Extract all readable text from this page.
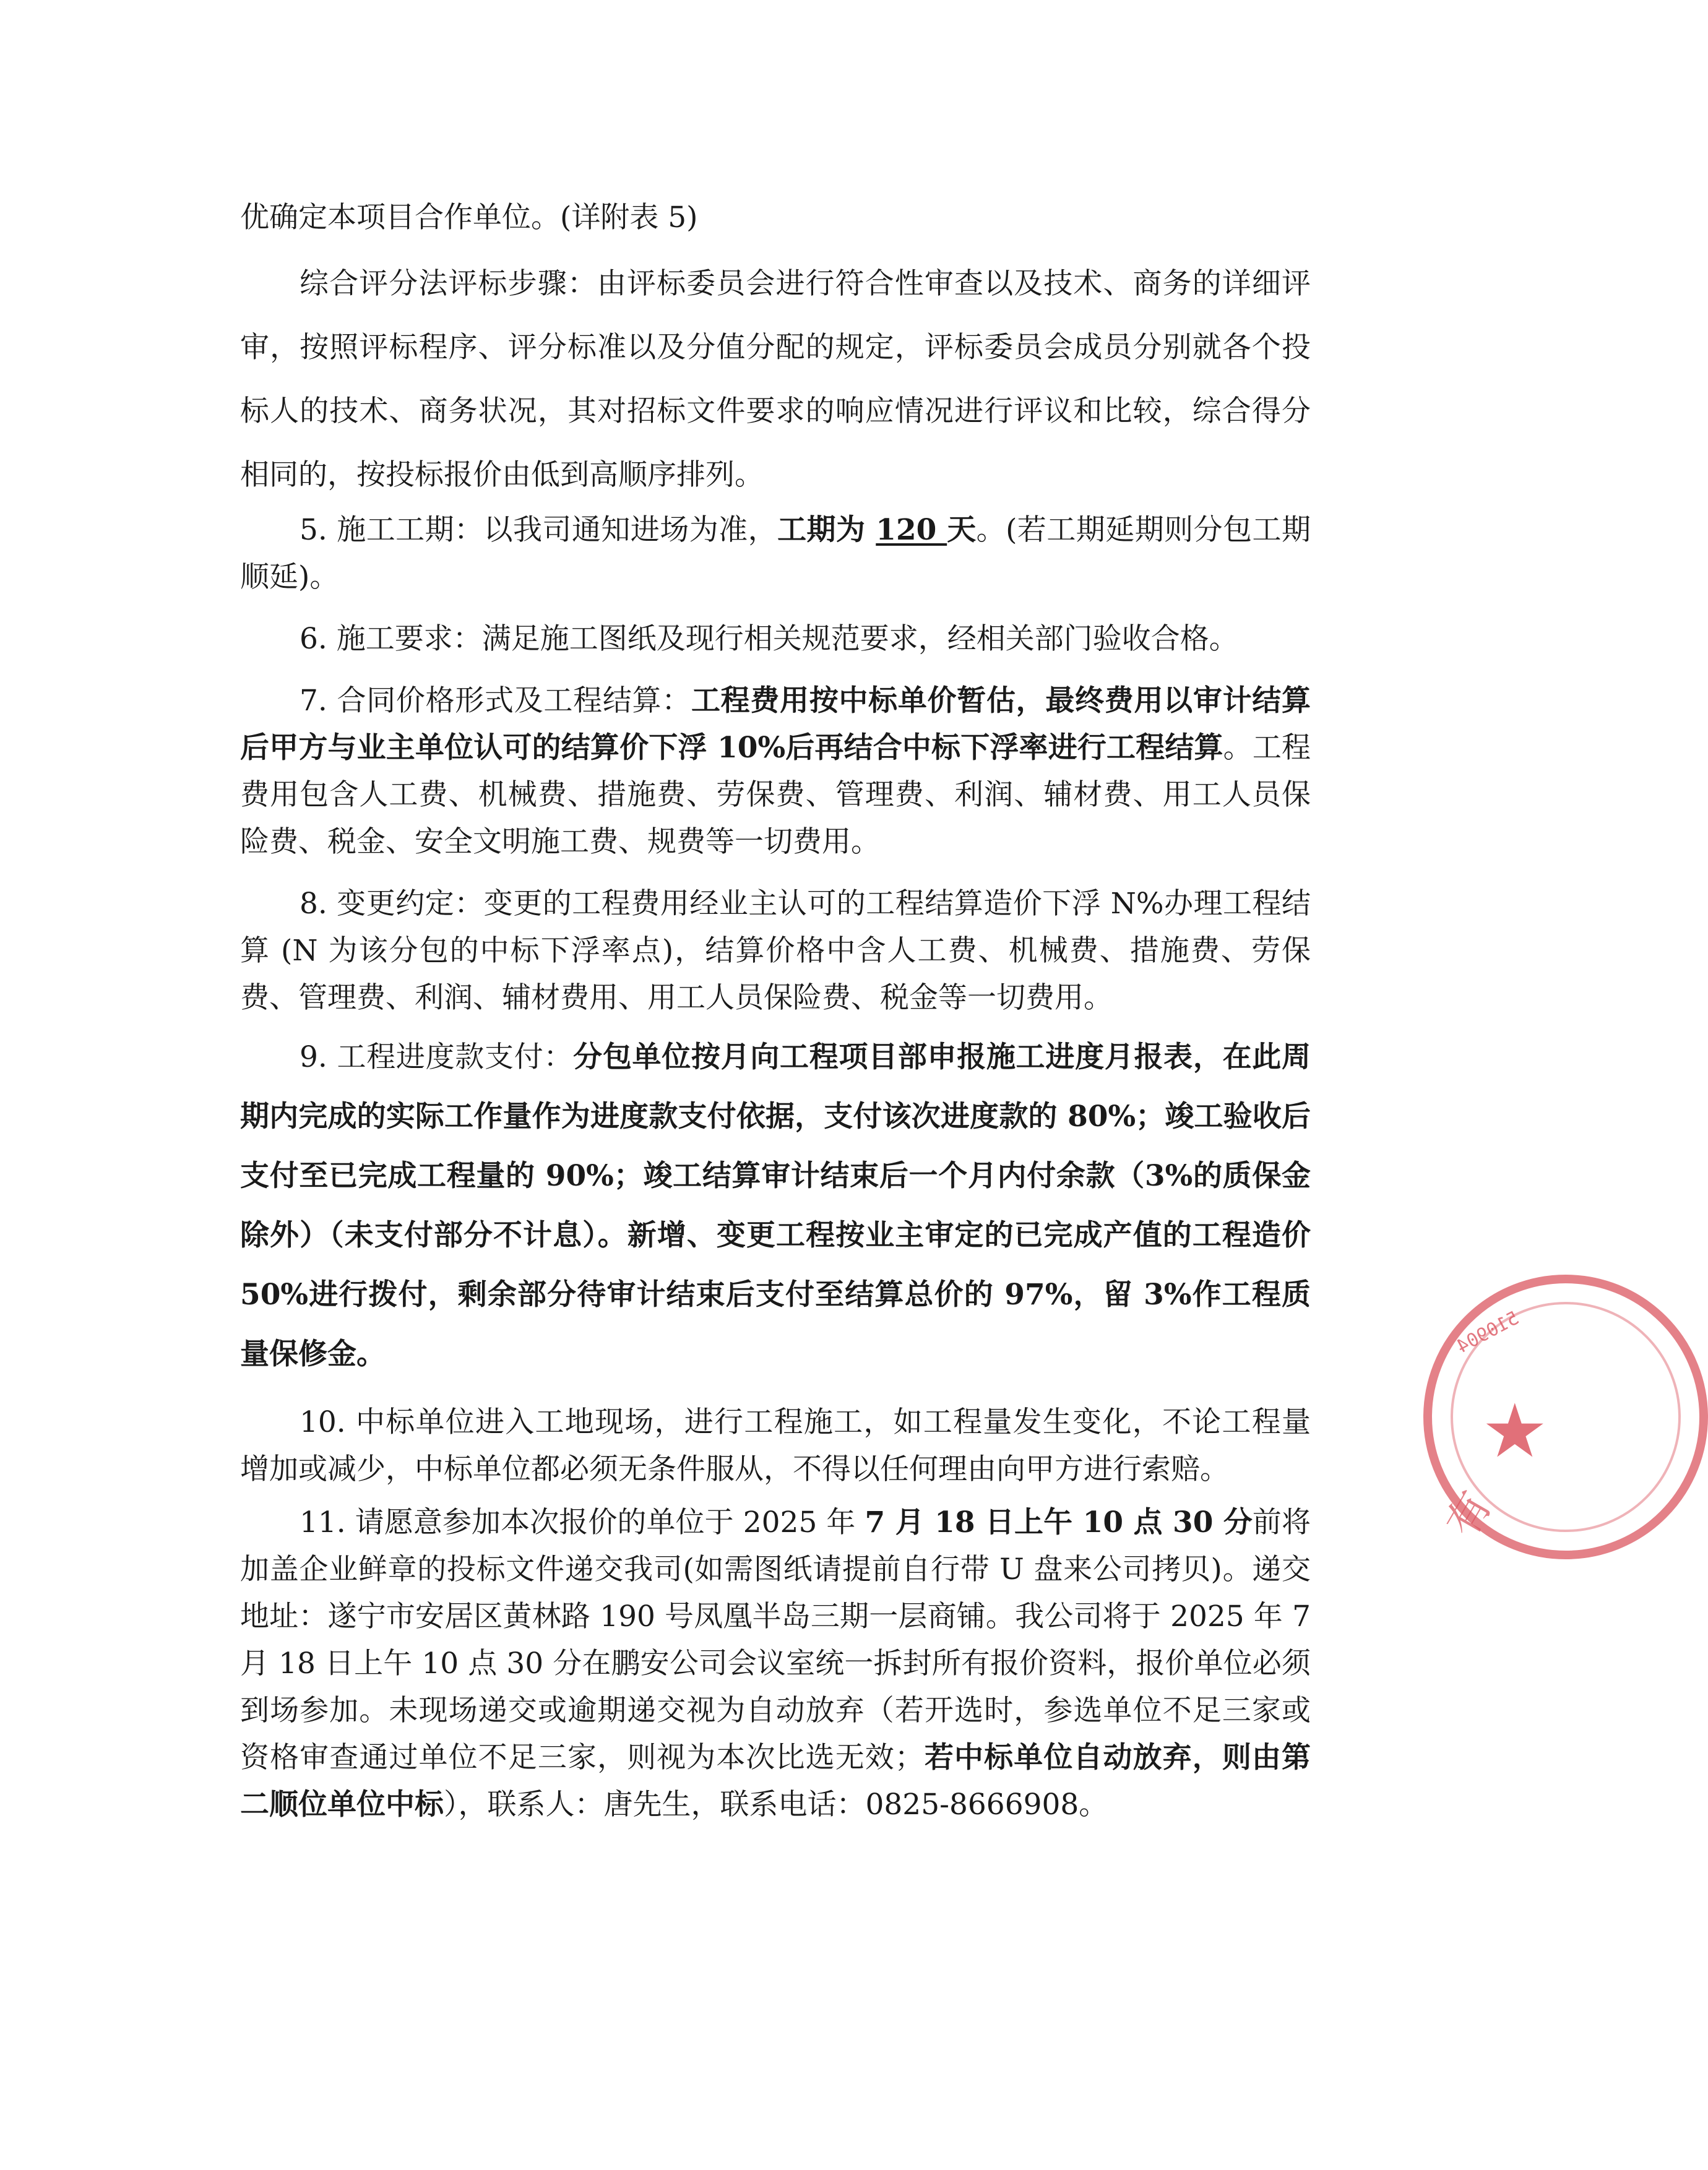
优确定本项目合作单位。(详附表 5)

综合评分法评标步骤：由评标委员会进行符合性审查以及技术、商务的详细评审，按照评标程序、评分标准以及分值分配的规定，评标委员会成员分别就各个投标人的技术、商务状况，其对招标文件要求的响应情况进行评议和比较，综合得分相同的，按投标报价由低到高顺序排列。

5. 施工工期：以我司通知进场为准，工期为 120 天。(若工期延期则分包工期顺延)。

6. 施工要求：满足施工图纸及现行相关规范要求，经相关部门验收合格。

7. 合同价格形式及工程结算：工程费用按中标单价暂估，最终费用以审计结算后甲方与业主单位认可的结算价下浮 10%后再结合中标下浮率进行工程结算。工程费用包含人工费、机械费、措施费、劳保费、管理费、利润、辅材费、用工人员保险费、税金、安全文明施工费、规费等一切费用。

8. 变更约定：变更的工程费用经业主认可的工程结算造价下浮 N%办理工程结算 (N 为该分包的中标下浮率点)，结算价格中含人工费、机械费、措施费、劳保费、管理费、利润、辅材费用、用工人员保险费、税金等一切费用。

9. 工程进度款支付：分包单位按月向工程项目部申报施工进度月报表，在此周期内完成的实际工作量作为进度款支付依据，支付该次进度款的 80%；竣工验收后支付至已完成工程量的 90%；竣工结算审计结束后一个月内付余款（3%的质保金除外）（未支付部分不计息）。新增、变更工程按业主审定的已完成产值的工程造价 50%进行拨付，剩余部分待审计结束后支付至结算总价的 97%，留 3%作工程质量保修金。

10. 中标单位进入工地现场，进行工程施工，如工程量发生变化，不论工程量增加或减少，中标单位都必须无条件服从，不得以任何理由向甲方进行索赔。

11. 请愿意参加本次报价的单位于 2025 年 7 月 18 日上午 10 点 30 分前将加盖企业鲜章的投标文件递交我司(如需图纸请提前自行带 U 盘来公司拷贝)。递交地址：遂宁市安居区黄林路 190 号凤凰半岛三期一层商铺。我公司将于 2025 年 7 月 18 日上午 10 点 30 分在鹏安公司会议室统一拆封所有报价资料，报价单位必须到场参加。未现场递交或逾期递交视为自动放弃（若开选时，参选单位不足三家或资格审查通过单位不足三家，则视为本次比选无效；若中标单位自动放弃，则由第二顺位单位中标），联系人：唐先生，联系电话：0825-8666908。

510904
★
有
